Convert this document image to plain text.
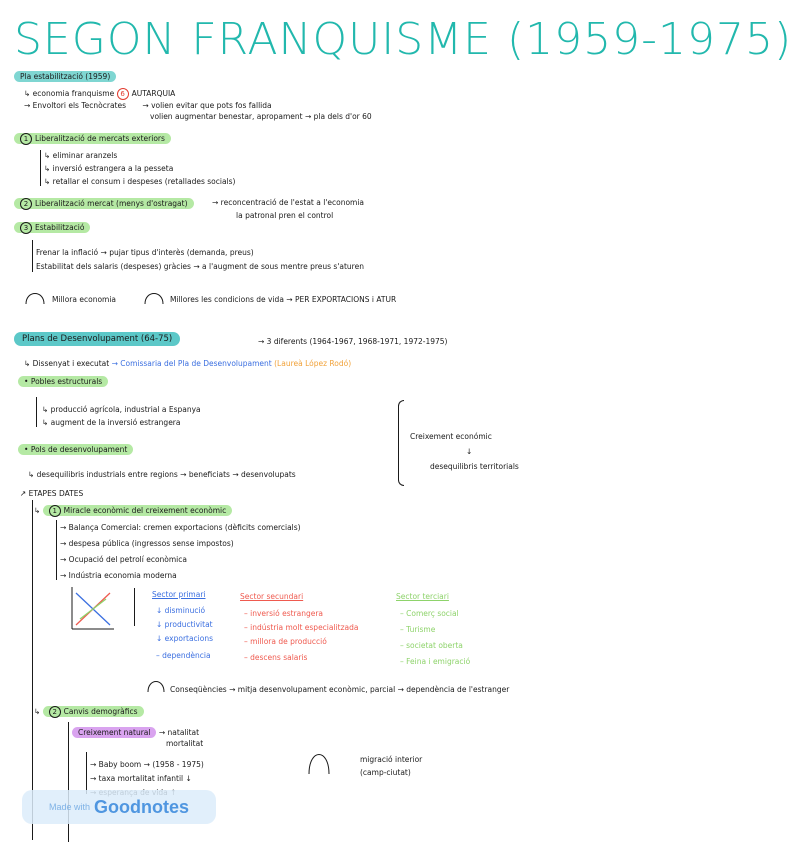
SEGON FRANQUISME (1959-1975)
Pla estabilització (1959)
↳ economia franquisme 6 AUTARQUIA
→ Envoltori els Tecnòcrates → volien evitar que pots fos fallida
volien augmentar benestar, apropament → pla dels d'or 60
1 Liberalització de mercats exteriors
↳ eliminar aranzels
↳ inversió estrangera a la pesseta
↳ retallar el consum i despeses (retallades socials)
2 Liberalització mercat (menys d'ostragat)	→ reconcentració de l'estat a l'economia
la patronal pren el control
3 Estabilització
Frenar la inflació → pujar tipus d'interès (demanda, preus)
Estabilitat dels salaris (despeses) gràcies → a l'augment de sous mentre preus s'aturen
Millora economia	Millores les condicions de vida → PER EXPORTACIONS i ATUR
Plans de Desenvolupament (64-75)	→ 3 diferents (1964-1967, 1968-1971, 1972-1975)
↳ Dissenyat i executat → Comissaria del Pla de Desenvolupament (Laureà López Rodó)
• Pobles estructurals
↳ producció agrícola, industrial a Espanya
↳ augment de la inversió estrangera
Creixement económic
↓
desequilibris territorials
• Pols de desenvolupament
↳ desequilibris industrials entre regions → beneficiats → desenvolupats
↗ ETAPES DATES
↳ 1 Miracle econòmic del creixement econòmic
→ Balança Comercial: cremen exportacions (dèficits comercials)
→ despesa pública (ingressos sense impostos)
→ Ocupació del petrolí econòmica
→ Indústria economia moderna
Sector primari
↓ disminució
↓ productivitat
↓ exportacions
– dependència
Sector secundari
– inversió estrangera
– indústria molt especialitzada
– millora de producció
– descens salaris
Sector terciari
– Comerç social
– Turisme
– societat oberta
– Feina i emigració
Conseqüències → mitja desenvolupament econòmic, parcial → dependència de l'estranger
↳ 2 Canvis demogràfics
Creixement natural → natalitat
mortalitat
→ Baby boom → (1958 - 1975)
→ taxa mortalitat infantil ↓
migració interior
(camp-ciutat)
Made with Goodnotes
